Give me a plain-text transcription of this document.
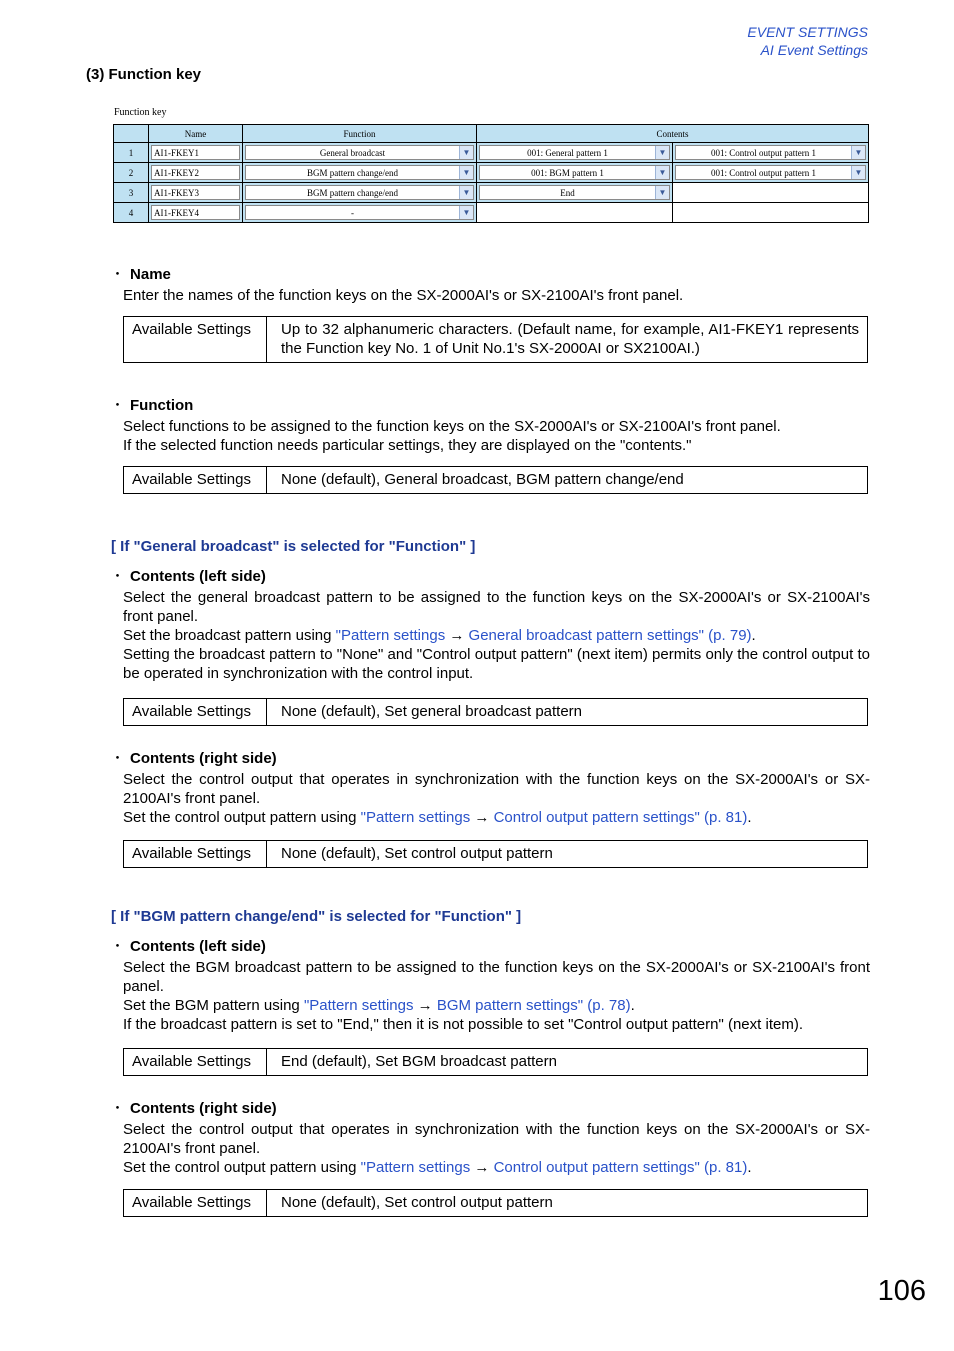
EVENT SETTINGS
AI Event Settings
(3) Function key
Function key
	Name	Function	Contents	
1	AI1-FKEY1	General broadcast ▼	001: General pattern 1 ▼	001: Control output pattern 1 ▼

2	AI1-FKEY2	BGM pattern change/end ▼	001: BGM pattern 1 ▼	001: Control output pattern 1 ▼

3	AI1-FKEY3	BGM pattern change/end ▼	End ▼	

4	AI1-FKEY4	- ▼		

・ Name
Enter the names of the function keys on the SX-2000AI's or SX-2100AI's front panel.
Available Settings	Up to 32 alphanumeric characters. (Default name, for example, AI1-FKEY1 represents the Function key No. 1 of Unit No.1's SX-2000AI or SX2100AI.)
・ Function
Select functions to be assigned to the function keys on the SX-2000AI's or SX-2100AI's front panel.
If the selected function needs particular settings, they are displayed on the "contents."
Available Settings	None (default), General broadcast, BGM pattern change/end
[ If "General broadcast" is selected for "Function" ]
・ Contents (left side)
Select the general broadcast pattern to be assigned to the function keys on the SX-2000AI's or SX-2100AI's front panel.
Set the broadcast pattern using "Pattern settings → General broadcast pattern settings" (p. 79).
Setting the broadcast pattern to "None" and "Control output pattern" (next item) permits only the control output to be operated in synchronization with the control input.
Available Settings	None (default), Set general broadcast pattern
・ Contents (right side)
Select the control output that operates in synchronization with the function keys on the SX-2000AI's or SX-2100AI's front panel.
Set the control output pattern using "Pattern settings → Control output pattern settings" (p. 81).
Available Settings	None (default), Set control output pattern
[ If "BGM pattern change/end" is selected for "Function" ]
・ Contents (left side)
Select the BGM broadcast pattern to be assigned to the function keys on the SX-2000AI's or SX-2100AI's front panel.
Set the BGM pattern using "Pattern settings → BGM pattern settings" (p. 78).
If the broadcast pattern is set to "End," then it is not possible to set "Control output pattern" (next item).
Available Settings	End (default), Set BGM broadcast pattern
・ Contents (right side)
Select the control output that operates in synchronization with the function keys on the SX-2000AI's or SX-2100AI's front panel.
Set the control output pattern using "Pattern settings → Control output pattern settings" (p. 81).
Available Settings	None (default), Set control output pattern
106
